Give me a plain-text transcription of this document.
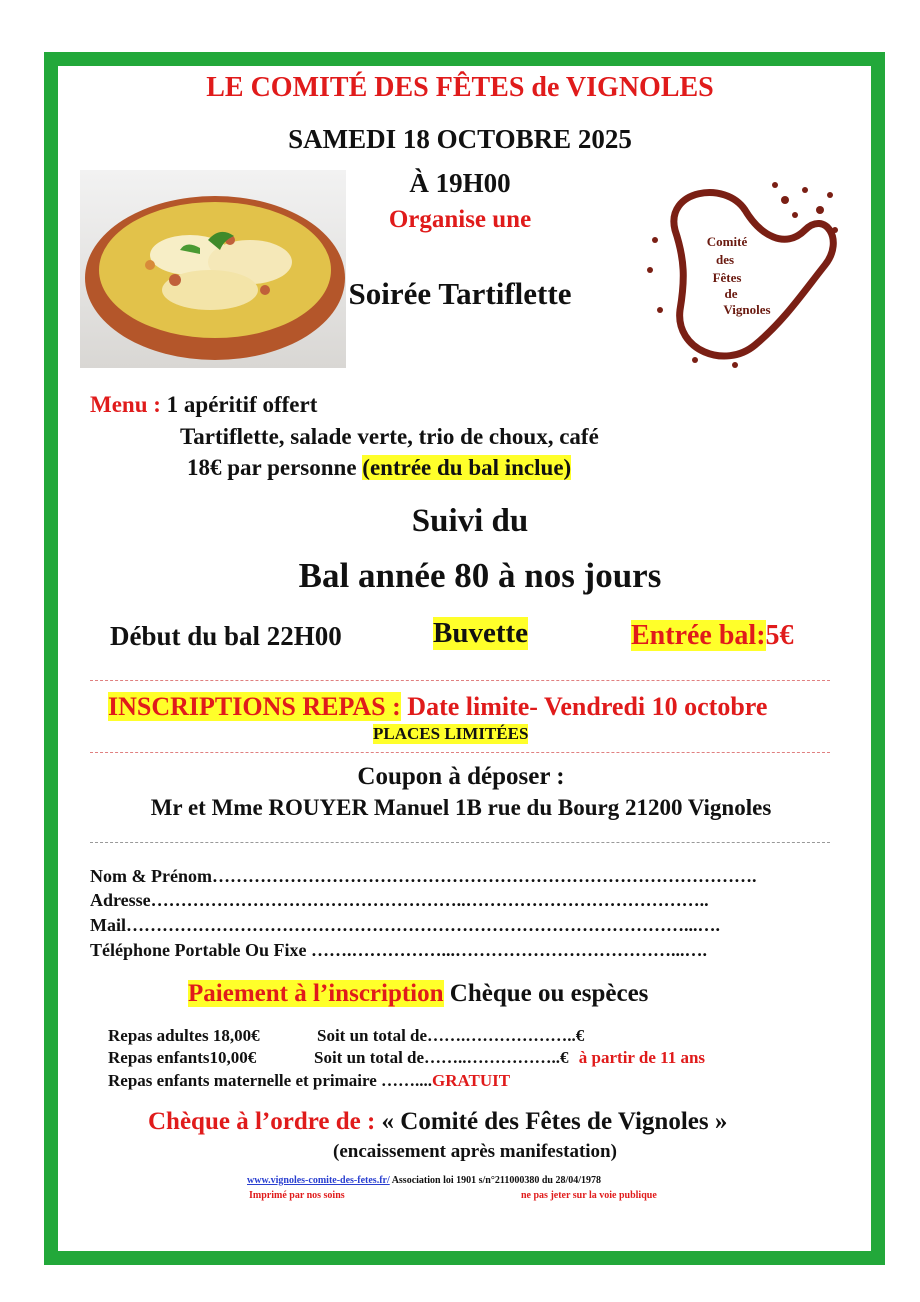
LE COMITÉ DES FÊTES de VIGNOLES
SAMEDI 18 OCTOBRE 2025
À 19H00
Organise une
Soirée Tartiflette
Comité
des
Fêtes
de
Vignoles
Menu : 1 apéritif offert
Tartiflette, salade verte, trio de choux, café
18€ par personne (entrée du bal inclue)
Suivi du
Bal année 80 à nos jours
Début du bal 22H00	Buvette	Entrée bal:5€
INSCRIPTIONS REPAS : Date limite- Vendredi 10 octobre
PLACES LIMITÉES
Coupon à déposer :
Mr et Mme ROUYER Manuel 1B rue du Bourg 21200 Vignoles
Nom & Prénom……………………………………………………………………………….
Adresse……………………………………………..…………………………………..
Mail…………………………………………………………………………………...….
Téléphone Portable Ou Fixe …….……………...………………………………...….
Paiement à l’inscription Chèque ou espèces
Repas adultes 18,00€	Soit un total de…….………………..€
Repas enfants10,00€	Soit un total de……..……………..€ à partir de 11 ans
Repas enfants maternelle et primaire ……....GRATUIT
Chèque à l’ordre de : « Comité des Fêtes de Vignoles »
(encaissement après manifestation)
www.vignoles-comite-des-fetes.fr/ Association loi 1901 s/n°211000380 du 28/04/1978
Imprimé par nos soins	ne pas jeter sur la voie publique
